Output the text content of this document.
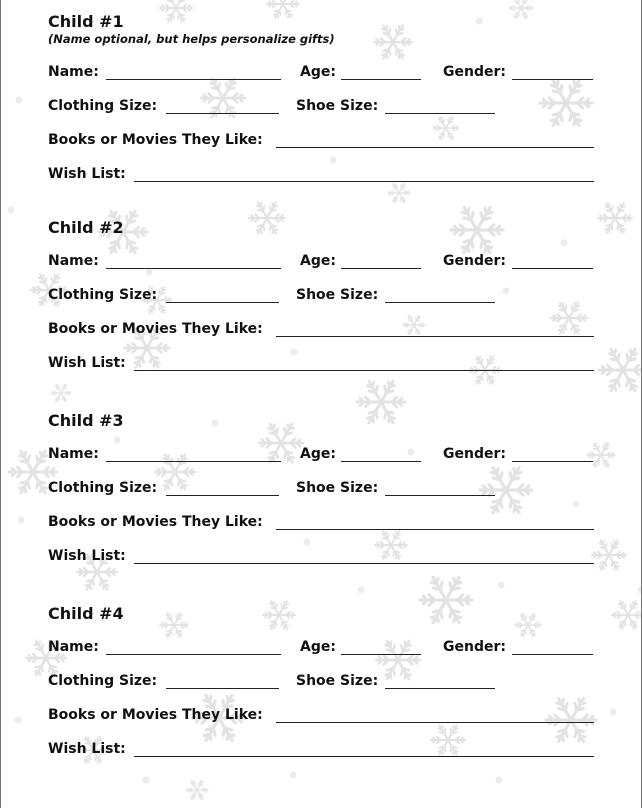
Child #1
(Name optional, but helps personalize gifts)
Name:	Age:	Gender:
Clothing Size:	Shoe Size:
Books or Movies They Like:
Wish List:
Child #2
Name:	Age:	Gender:
Clothing Size:	Shoe Size:
Books or Movies They Like:
Wish List:
Child #3
Name:	Age:	Gender:
Clothing Size:	Shoe Size:
Books or Movies They Like:
Wish List:
Child #4
Name:	Age:	Gender:
Clothing Size:	Shoe Size:
Books or Movies They Like:
Wish List:
